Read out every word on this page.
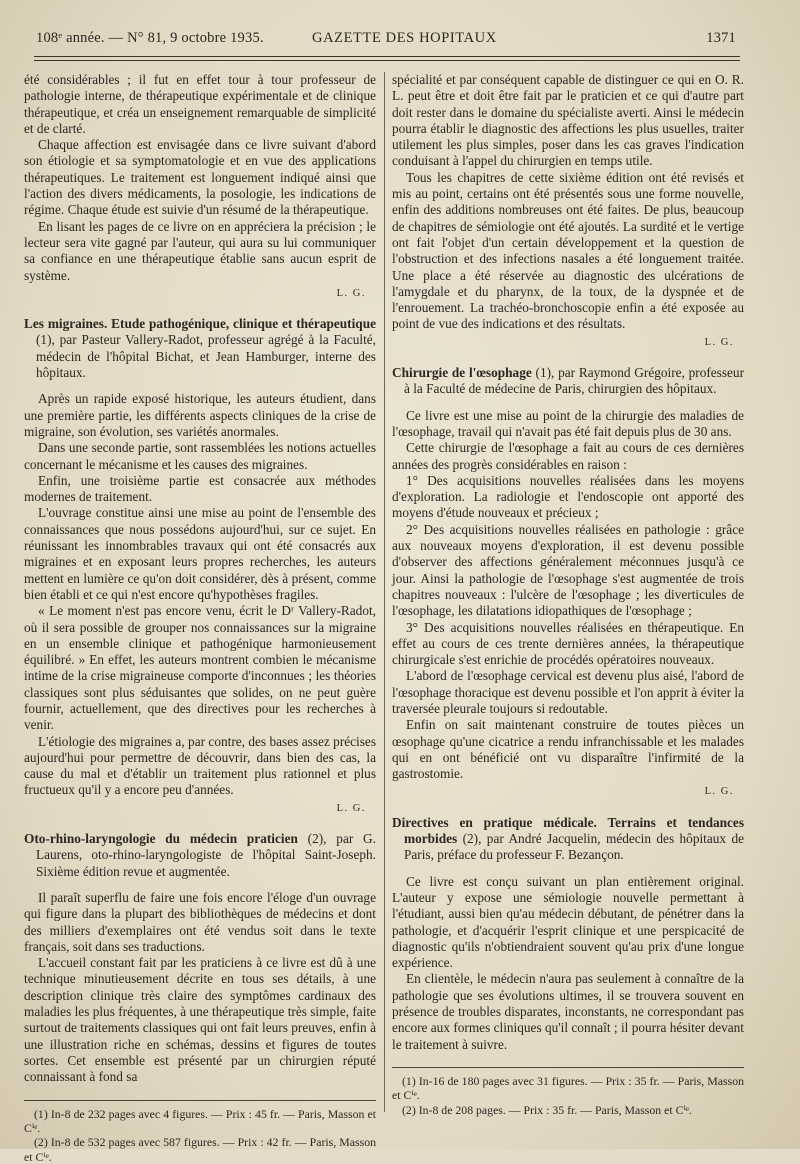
108ᵉ année. — N° 81, 9 octobre 1935.	GAZETTE DES HOPITAUX	1371

été considérables ; il fut en effet tour à tour professeur de pathologie interne, de thérapeutique expérimentale et de clinique thérapeutique, et créa un enseignement remarquable de simplicité et de clarté.

Chaque affection est envisagée dans ce livre suivant d'abord son étiologie et sa symptomatologie et en vue des applications thérapeutiques. Le traitement est longuement indiqué ainsi que l'action des divers médicaments, la posologie, les indications de régime. Chaque étude est suivie d'un résumé de la thérapeutique.

En lisant les pages de ce livre on en appréciera la précision ; le lecteur sera vite gagné par l'auteur, qui aura su lui communiquer sa confiance en une thérapeutique établie sans aucun esprit de système.

L. G.

Les migraines. Etude pathogénique, clinique et thérapeutique (1), par Pasteur Vallery-Radot, professeur agrégé à la Faculté, médecin de l'hôpital Bichat, et Jean Hamburger, interne des hôpitaux.

Après un rapide exposé historique, les auteurs étudient, dans une première partie, les différents aspects cliniques de la crise de migraine, son évolution, ses variétés anormales.

Dans une seconde partie, sont rassemblées les notions actuelles concernant le mécanisme et les causes des migraines.

Enfin, une troisième partie est consacrée aux méthodes modernes de traitement.

L'ouvrage constitue ainsi une mise au point de l'ensemble des connaissances que nous possédons aujourd'hui, sur ce sujet. En réunissant les innombrables travaux qui ont été consacrés aux migraines et en exposant leurs propres recherches, les auteurs mettent en lumière ce qu'on doit considérer, dès à présent, comme bien établi et ce qui n'est encore qu'hypothèses fragiles.

« Le moment n'est pas encore venu, écrit le Dʳ Vallery-Radot, où il sera possible de grouper nos connaissances sur la migraine en un ensemble clinique et pathogénique harmonieusement équilibré. » En effet, les auteurs montrent combien le mécanisme intime de la crise migraineuse comporte d'inconnues ; les théories classiques sont plus séduisantes que solides, on ne peut guère fournir, actuellement, que des directives pour les recherches à venir.

L'étiologie des migraines a, par contre, des bases assez précises aujourd'hui pour permettre de découvrir, dans bien des cas, la cause du mal et d'établir un traitement plus rationnel et plus fructueux qu'il y a encore peu d'années.

L. G.

Oto-rhino-laryngologie du médecin praticien (2), par G. Laurens, oto-rhino-laryngologiste de l'hôpital Saint-Joseph. Sixième édition revue et augmentée.

Il paraît superflu de faire une fois encore l'éloge d'un ouvrage qui figure dans la plupart des bibliothèques de médecins et dont des milliers d'exemplaires ont été vendus soit dans le texte français, soit dans ses traductions.

L'accueil constant fait par les praticiens à ce livre est dû à une technique minutieusement décrite en tous ses détails, à une description clinique très claire des symptômes cardinaux des maladies les plus fréquentes, à une thérapeutique très simple, faite surtout de traitements classiques qui ont fait leurs preuves, enfin à une illustration riche en schémas, dessins et figures de toutes sortes. Cet ensemble est présenté par un chirurgien réputé connaissant à fond sa

(1) In-8 de 232 pages avec 4 figures. — Prix : 45 fr. — Paris, Masson et Cⁱᵉ.

(2) In-8 de 532 pages avec 587 figures. — Prix : 42 fr. — Paris, Masson et Cⁱᵉ.

spécialité et par conséquent capable de distinguer ce qui en O. R. L. peut être et doit être fait par le praticien et ce qui d'autre part doit rester dans le domaine du spécialiste averti. Ainsi le médecin pourra établir le diagnostic des affections les plus usuelles, traiter utilement les plus simples, poser dans les cas graves l'indication conduisant à l'appel du chirurgien en temps utile.

Tous les chapitres de cette sixième édition ont été revisés et mis au point, certains ont été présentés sous une forme nouvelle, enfin des additions nombreuses ont été faites. De plus, beaucoup de chapitres de sémiologie ont été ajoutés. La surdité et le vertige ont fait l'objet d'un certain développement et la question de l'obstruction et des infections nasales a été longuement traitée. Une place a été réservée au diagnostic des ulcérations de l'amygdale et du pharynx, de la toux, de la dyspnée et de l'enrouement. La trachéo-bronchoscopie enfin a été exposée au point de vue des indications et des résultats.

L. G.

Chirurgie de l'œsophage (1), par Raymond Grégoire, professeur à la Faculté de médecine de Paris, chirurgien des hôpitaux.

Ce livre est une mise au point de la chirurgie des maladies de l'œsophage, travail qui n'avait pas été fait depuis plus de 30 ans.

Cette chirurgie de l'œsophage a fait au cours de ces dernières années des progrès considérables en raison :

1° Des acquisitions nouvelles réalisées dans les moyens d'exploration. La radiologie et l'endoscopie ont apporté des moyens d'étude nouveaux et précieux ;

2° Des acquisitions nouvelles réalisées en pathologie : grâce aux nouveaux moyens d'exploration, il est devenu possible d'observer des affections généralement méconnues jusqu'à ce jour. Ainsi la pathologie de l'œsophage s'est augmentée de trois chapitres nouveaux : l'ulcère de l'œsophage ; les diverticules de l'œsophage, les dilatations idiopathiques de l'œsophage ;

3° Des acquisitions nouvelles réalisées en thérapeutique. En effet au cours de ces trente dernières années, la thérapeutique chirurgicale s'est enrichie de procédés opératoires nouveaux.

L'abord de l'œsophage cervical est devenu plus aisé, l'abord de l'œsophage thoracique est devenu possible et l'on apprit à éviter la traversée pleurale toujours si redoutable.

Enfin on sait maintenant construire de toutes pièces un œsophage qu'une cicatrice a rendu infranchissable et les malades qui en ont bénéficié ont vu disparaître l'infirmité de la gastrostomie.

L. G.

Directives en pratique médicale. Terrains et tendances morbides (2), par André Jacquelin, médecin des hôpitaux de Paris, préface du professeur F. Bezançon.

Ce livre est conçu suivant un plan entièrement original. L'auteur y expose une sémiologie nouvelle permettant à l'étudiant, aussi bien qu'au médecin débutant, de pénétrer dans la pathologie, et d'acquérir l'esprit clinique et une perspicacité de diagnostic qu'ils n'obtiendraient souvent qu'au prix d'une longue expérience.

En clientèle, le médecin n'aura pas seulement à connaître de la pathologie que ses évolutions ultimes, il se trouvera souvent en présence de troubles disparates, inconstants, ne correspondant pas encore aux formes cliniques qu'il connaît ; il pourra hésiter devant le traitement à suivre.

(1) In-16 de 180 pages avec 31 figures. — Prix : 35 fr. — Paris, Masson et Cⁱᵉ.

(2) In-8 de 208 pages. — Prix : 35 fr. — Paris, Masson et Cⁱᵉ.
